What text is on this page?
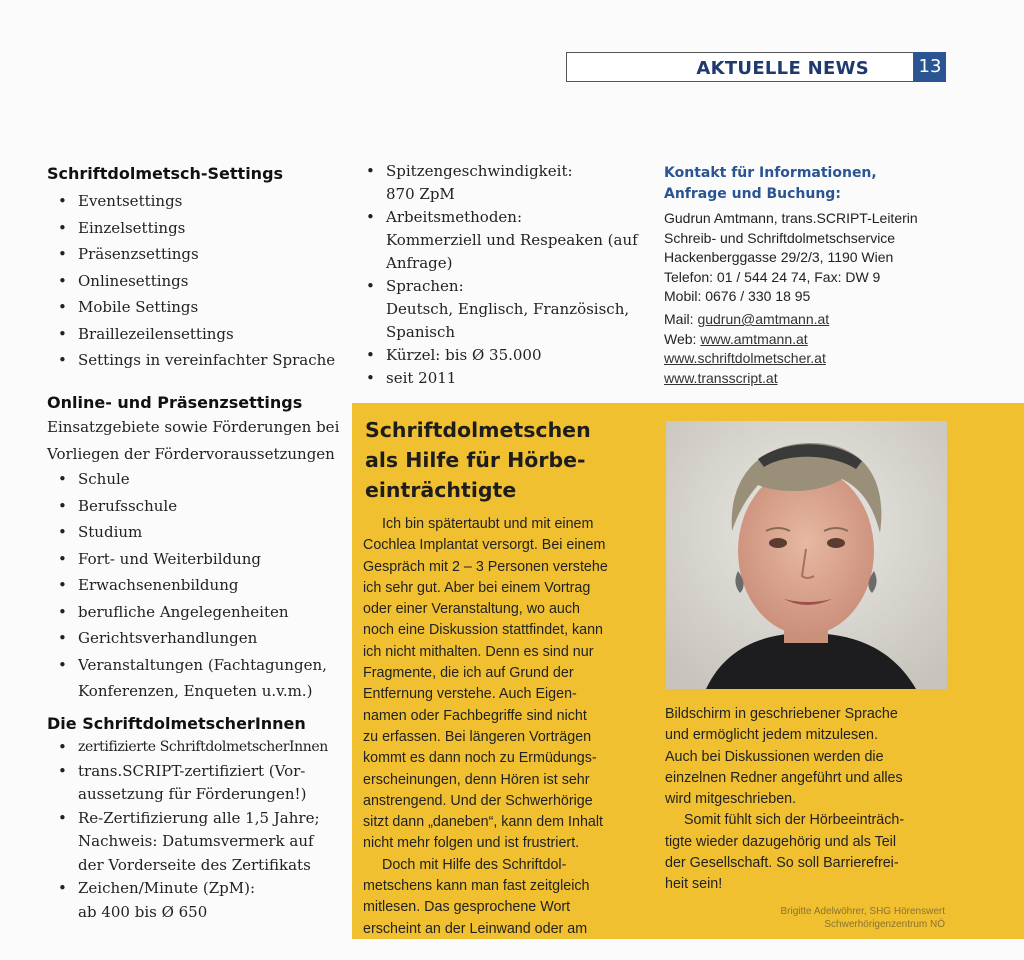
AKTUELLE NEWS	13
Schriftdolmetsch-Settings
• Eventsettings
• Einzelsettings
• Präsenzsettings
• Onlinesettings
• Mobile Settings
• Braillezeilensettings
• Settings in vereinfachter Sprache
Online- und Präsenzsettings
Einsatzgebiete sowie Förderungen bei
Vorliegen der Fördervoraussetzungen
• Schule
• Berufsschule
• Studium
• Fort- und Weiterbildung
• Erwachsenenbildung
• berufliche Angelegenheiten
• Gerichtsverhandlungen
• Veranstaltungen (Fachtagungen,
Konferenzen, Enqueten u.v.m.)
Die SchriftdolmetscherInnen
• zertifizierte SchriftdolmetscherInnen
• trans.SCRIPT-zertifiziert (Vor-
aussetzung für Förderungen!)
• Re-Zertifizierung alle 1,5 Jahre;
Nachweis: Datumsvermerk auf
der Vorderseite des Zertifikats
• Zeichen/Minute (ZpM):
ab 400 bis Ø 650
• Spitzengeschwindigkeit:
870 ZpM
• Arbeitsmethoden:
Kommerziell und Respeaken (auf
Anfrage)
• Sprachen:
Deutsch, Englisch, Französisch,
Spanisch
• Kürzel: bis Ø 35.000
• seit 2011
Kontakt für Informationen,
Anfrage und Buchung:
Gudrun Amtmann, trans.SCRIPT-Leiterin
Schreib- und Schriftdolmetschservice
Hackenberggasse 29/2/3, 1190 Wien
Telefon: 01 / 544 24 74, Fax: DW 9
Mobil: 0676 / 330 18 95
Mail: gudrun@amtmann.at
Web: www.amtmann.at
www.schriftdolmetscher.at
www.transscript.at
Schriftdolmetschen
als Hilfe für Hörbe-
einträchtigte
Ich bin spätertaubt und mit einem
Cochlea Implantat versorgt. Bei einem
Gespräch mit 2 – 3 Personen verstehe
ich sehr gut. Aber bei einem Vortrag
oder einer Veranstaltung, wo auch
noch eine Diskussion stattfindet, kann
ich nicht mithalten. Denn es sind nur
Fragmente, die ich auf Grund der
Entfernung verstehe. Auch Eigen-
namen oder Fachbegriffe sind nicht
zu erfassen. Bei längeren Vorträgen
kommt es dann noch zu Ermüdungs-
erscheinungen, denn Hören ist sehr
anstrengend. Und der Schwerhörige
sitzt dann „daneben“, kann dem Inhalt
nicht mehr folgen und ist frustriert.
Doch mit Hilfe des Schriftdol-
metschens kann man fast zeitgleich
mitlesen. Das gesprochene Wort
erscheint an der Leinwand oder am
Bildschirm in geschriebener Sprache
und ermöglicht jedem mitzulesen.
Auch bei Diskussionen werden die
einzelnen Redner angeführt und alles
wird mitgeschrieben.
Somit fühlt sich der Hörbeeinträch-
tigte wieder dazugehörig und als Teil
der Gesellschaft. So soll Barrierefrei-
heit sein!
Brigitte Adelwöhrer, SHG Hörenswert
Schwerhörigenzentrum NÖ
